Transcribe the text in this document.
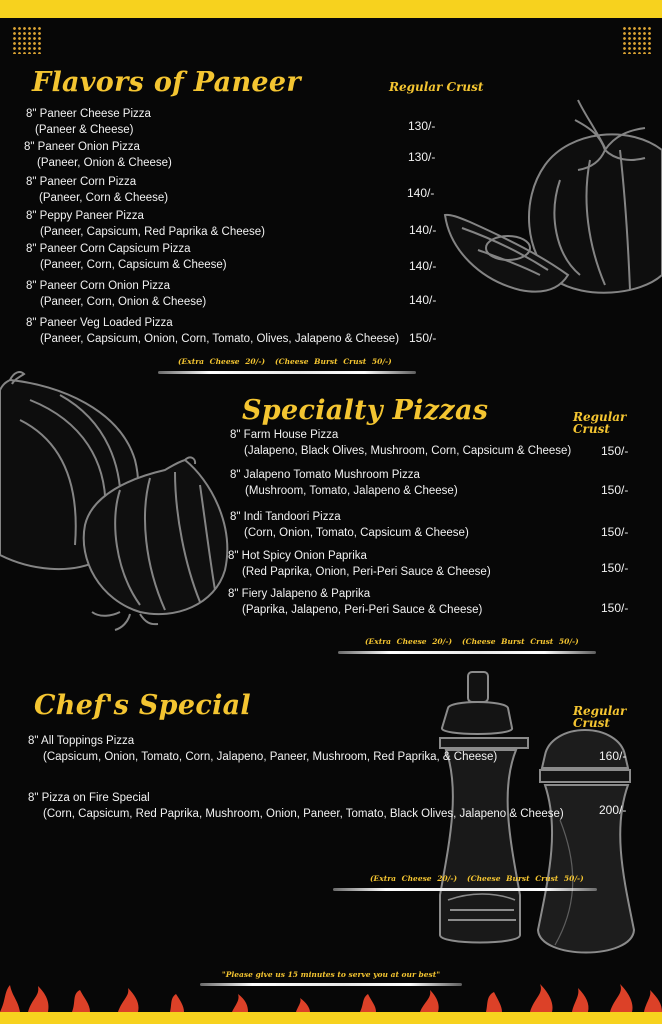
Flavors of Paneer	Regular Crust
8" Paneer Cheese Pizza
(Paneer & Cheese)	130/-
8" Paneer Onion Pizza
(Paneer, Onion & Cheese)	130/-
8" Paneer Corn Pizza
(Paneer, Corn & Cheese)	140/-
8" Peppy Paneer Pizza
(Paneer, Capsicum, Red Paprika & Cheese)	140/-
8" Paneer Corn Capsicum Pizza
(Paneer, Corn, Capsicum & Cheese)	140/-
8" Paneer Corn Onion Pizza
(Paneer, Corn, Onion & Cheese)	140/-
8" Paneer Veg Loaded Pizza
(Paneer, Capsicum, Onion, Corn, Tomato, Olives, Jalapeno & Cheese) 150/-
(Extra Cheese 20/-) (Cheese Burst Crust 50/-)
Specialty Pizzas	Regular Crust
8" Farm House Pizza
(Jalapeno, Black Olives, Mushroom, Corn, Capsicum & Cheese) 150/-
8" Jalapeno Tomato Mushroom Pizza
(Mushroom, Tomato, Jalapeno & Cheese)	150/-
8" Indi Tandoori Pizza
(Corn, Onion, Tomato, Capsicum & Cheese)	150/-
8" Hot Spicy Onion Paprika
(Red Paprika, Onion, Peri-Peri Sauce & Cheese)	150/-
8" Fiery Jalapeno & Paprika
(Paprika, Jalapeno, Peri-Peri Sauce & Cheese)	150/-
(Extra Cheese 20/-) (Cheese Burst Crust 50/-)
Chef's Special	Regular Crust
8" All Toppings Pizza
(Capsicum, Onion, Tomato, Corn, Jalapeno, Paneer, Mushroom, Red Paprika, & Cheese)	160/-
8" Pizza on Fire Special
(Corn, Capsicum, Red Paprika, Mushroom, Onion, Paneer, Tomato, Black Olives, Jalapeno & Cheese)	200/-
(Extra Cheese 20/-) (Cheese Burst Crust 50/-)
"Please give us 15 minutes to serve you at our best"
